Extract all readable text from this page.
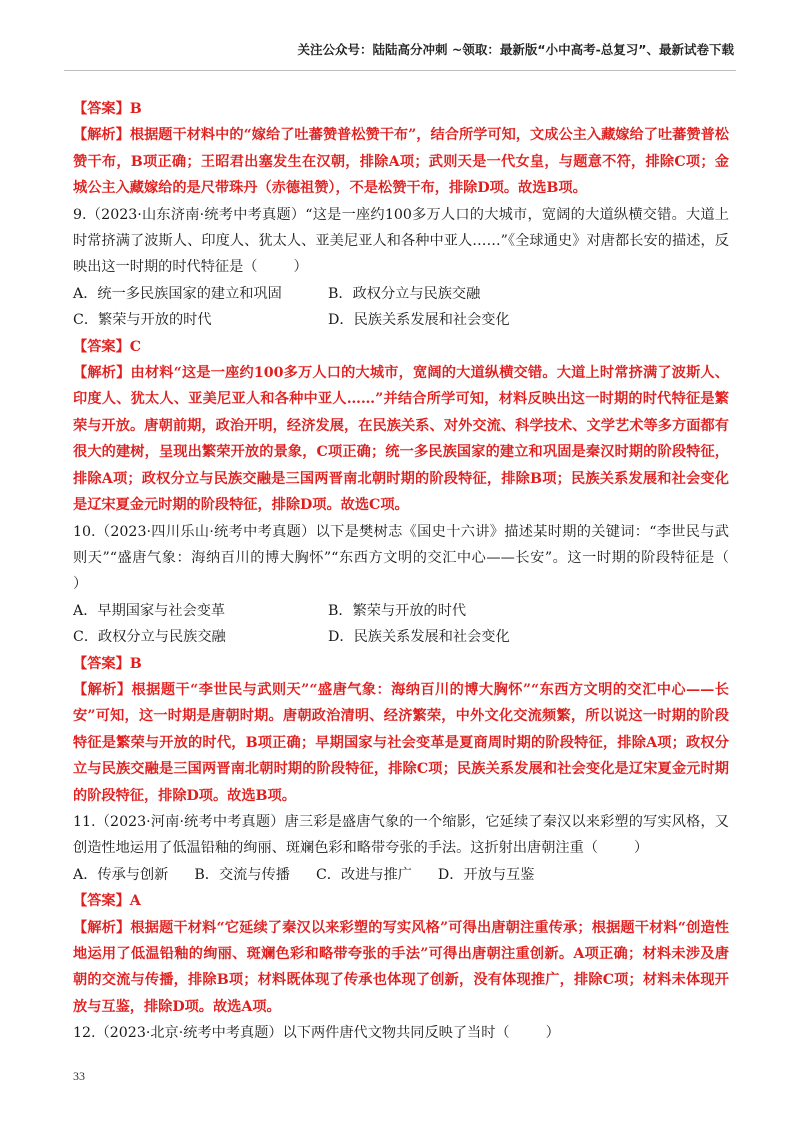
关注公众号：陆陆高分冲刺 ~领取：最新版“小中高考-总复习”、最新试卷下载

【答案】B

【解析】根据题干材料中的“嫁给了吐蕃赞普松赞干布”，结合所学可知，文成公主入藏嫁给了吐蕃赞普松赞干布，B项正确；王昭君出塞发生在汉朝，排除A项；武则天是一代女皇，与题意不符，排除C项；金城公主入藏嫁给的是尺带珠丹（赤德祖赞），不是松赞干布，排除D项。故选B项。

9.（2023·山东济南·统考中考真题）“这是一座约100多万人口的大城市，宽阔的大道纵横交错。大道上时常挤满了波斯人、印度人、犹太人、亚美尼亚人和各种中亚人……”《全球通史》对唐都长安的描述，反映出这一时期的时代特征是（        ）

A．统一多民族国家的建立和巩固	B．政权分立与民族交融
C．繁荣与开放的时代	D．民族关系发展和社会变化

【答案】C

【解析】由材料“这是一座约100多万人口的大城市，宽阔的大道纵横交错。大道上时常挤满了波斯人、印度人、犹太人、亚美尼亚人和各种中亚人……”并结合所学可知，材料反映出这一时期的时代特征是繁荣与开放。唐朝前期，政治开明，经济发展，在民族关系、对外交流、科学技术、文学艺术等多方面都有很大的建树，呈现出繁荣开放的景象，C项正确；统一多民族国家的建立和巩固是秦汉时期的阶段特征，排除A项；政权分立与民族交融是三国两晋南北朝时期的阶段特征，排除B项；民族关系发展和社会变化是辽宋夏金元时期的阶段特征，排除D项。故选C项。

10.（2023·四川乐山·统考中考真题）以下是樊树志《国史十六讲》描述某时期的关键词：“李世民与武则天”“盛唐气象：海纳百川的博大胸怀”“东西方文明的交汇中心——长安”。这一时期的阶段特征是（        ）

A．早期国家与社会变革	B．繁荣与开放的时代
C．政权分立与民族交融	D．民族关系发展和社会变化

【答案】B

【解析】根据题干“李世民与武则天”“盛唐气象：海纳百川的博大胸怀”“东西方文明的交汇中心——长安”可知，这一时期是唐朝时期。唐朝政治清明、经济繁荣，中外文化交流频繁，所以说这一时期的阶段特征是繁荣与开放的时代，B项正确；早期国家与社会变革是夏商周时期的阶段特征，排除A项；政权分立与民族交融是三国两晋南北朝时期的阶段特征，排除C项；民族关系发展和社会变化是辽宋夏金元时期的阶段特征，排除D项。故选B项。

11.（2023·河南·统考中考真题）唐三彩是盛唐气象的一个缩影，它延续了秦汉以来彩塑的写实风格，又创造性地运用了低温铅釉的绚丽、斑斓色彩和略带夸张的手法。这折射出唐朝注重（        ）

A．传承与创新 B．交流与传播 C．改进与推广 D．开放与互鉴

【答案】A

【解析】根据题干材料“它延续了秦汉以来彩塑的写实风格”可得出唐朝注重传承；根据题干材料“创造性地运用了低温铅釉的绚丽、斑斓色彩和略带夸张的手法”可得出唐朝注重创新。A项正确；材料未涉及唐朝的交流与传播，排除B项；材料既体现了传承也体现了创新，没有体现推广，排除C项；材料未体现开放与互鉴，排除D项。故选A项。

12.（2023·北京·统考中考真题）以下两件唐代文物共同反映了当时（        ）

33
